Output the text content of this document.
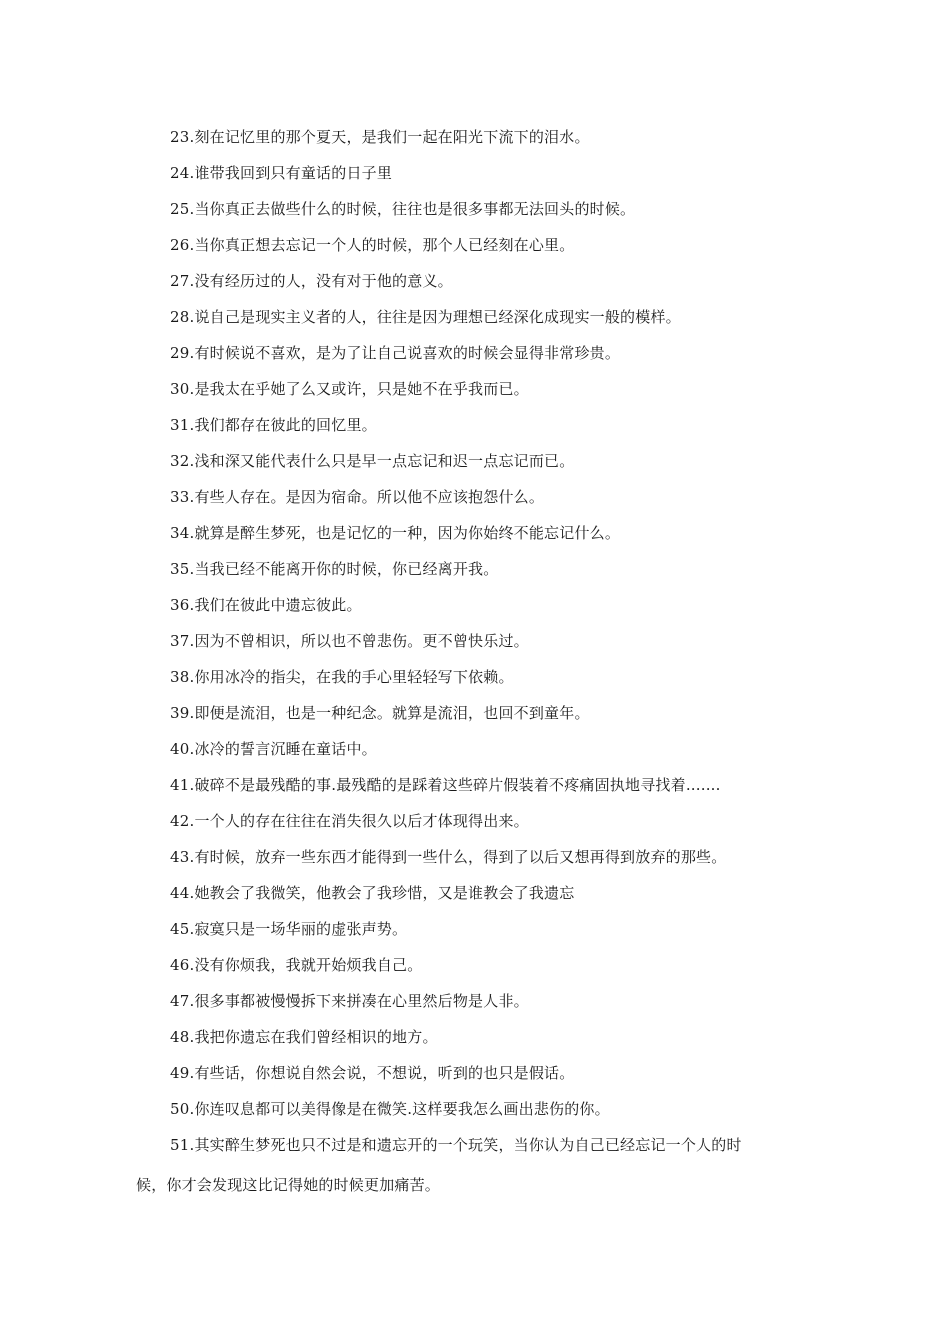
23.刻在记忆里的那个夏天，是我们一起在阳光下流下的泪水。
24.谁带我回到只有童话的日子里
25.当你真正去做些什么的时候，往往也是很多事都无法回头的时候。
26.当你真正想去忘记一个人的时候，那个人已经刻在心里。
27.没有经历过的人，没有对于他的意义。
28.说自己是现实主义者的人，往往是因为理想已经深化成现实一般的模样。
29.有时候说不喜欢，是为了让自己说喜欢的时候会显得非常珍贵。
30.是我太在乎她了么又或许，只是她不在乎我而已。
31.我们都存在彼此的回忆里。
32.浅和深又能代表什么只是早一点忘记和迟一点忘记而已。
33.有些人存在。是因为宿命。所以他不应该抱怨什么。
34.就算是醉生梦死，也是记忆的一种，因为你始终不能忘记什么。
35.当我已经不能离开你的时候，你已经离开我。
36.我们在彼此中遗忘彼此。
37.因为不曾相识，所以也不曾悲伤。更不曾快乐过。
38.你用冰冷的指尖，在我的手心里轻轻写下依赖。
39.即便是流泪，也是一种纪念。就算是流泪，也回不到童年。
40.冰冷的誓言沉睡在童话中。
41.破碎不是最残酷的事.最残酷的是踩着这些碎片假装着不疼痛固执地寻找着.......
42.一个人的存在往往在消失很久以后才体现得出来。
43.有时候，放弃一些东西才能得到一些什么，得到了以后又想再得到放弃的那些。
44.她教会了我微笑，他教会了我珍惜，又是谁教会了我遗忘
45.寂寞只是一场华丽的虚张声势。
46.没有你烦我，我就开始烦我自己。
47.很多事都被慢慢拆下来拼凑在心里然后物是人非。
48.我把你遗忘在我们曾经相识的地方。
49.有些话，你想说自然会说，不想说，听到的也只是假话。
50.你连叹息都可以美得像是在微笑.这样要我怎么画出悲伤的你。
51.其实醉生梦死也只不过是和遗忘开的一个玩笑，当你认为自己已经忘记一个人的时
候，你才会发现这比记得她的时候更加痛苦。
